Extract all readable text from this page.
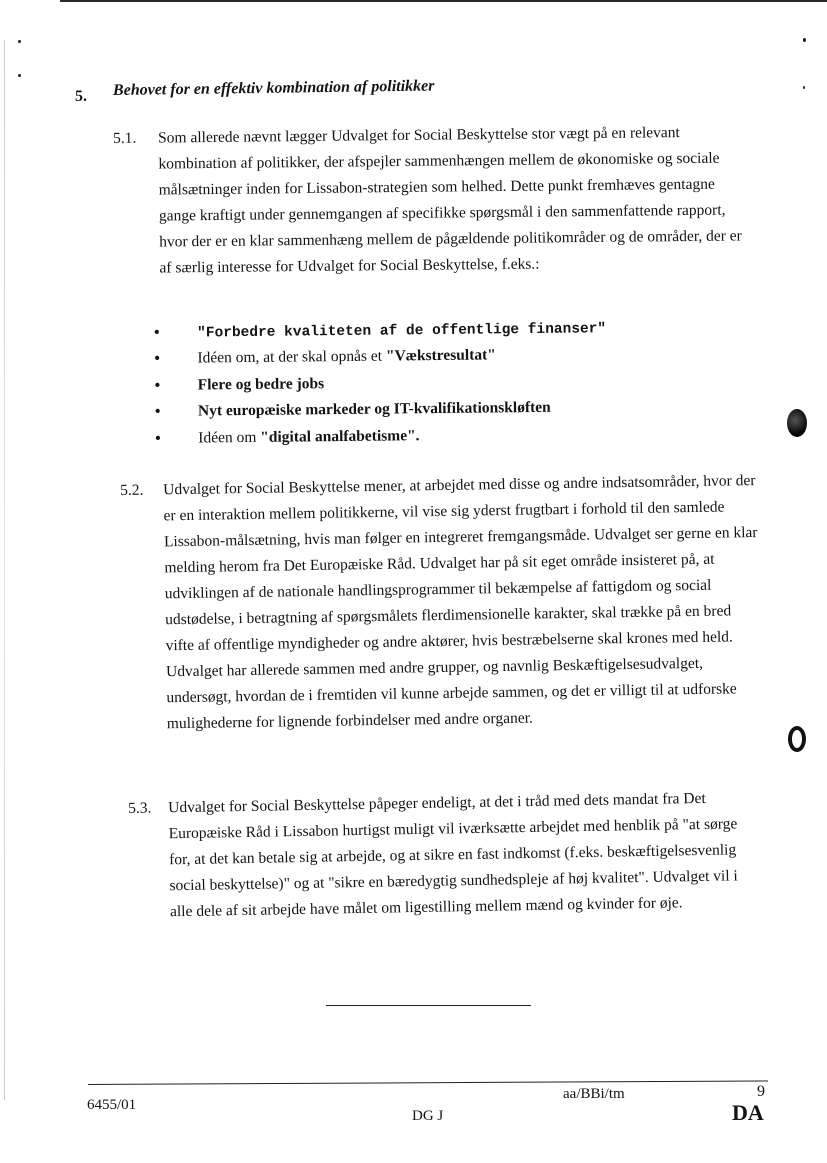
5. Behovet for en effektiv kombination af politikker
5.1. Som allerede nævnt lægger Udvalget for Social Beskyttelse stor vægt på en relevant kombination af politikker, der afspejler sammenhængen mellem de økonomiske og sociale målsætninger inden for Lissabon-strategien som helhed. Dette punkt fremhæves gentagne gange kraftigt under gennemgangen af specifikke spørgsmål i den sammenfattende rapport, hvor der er en klar sammenhæng mellem de pågældende politikområder og de områder, der er af særlig interesse for Udvalget for Social Beskyttelse, f.eks.:
•	"Forbedre kvaliteten af de offentlige finanser"
• Idéen om, at der skal opnås et "Vækstresultat"
• Flere og bedre jobs
• Nyt europæiske markeder og IT-kvalifikationskløften
• Idéen om "digital analfabetisme".
5.2. Udvalget for Social Beskyttelse mener, at arbejdet med disse og andre indsatsområder, hvor der er en interaktion mellem politikkerne, vil vise sig yderst frugtbart i forhold til den samlede Lissabon-målsætning, hvis man følger en integreret fremgangsmåde. Udvalget ser gerne en klar melding herom fra Det Europæiske Råd. Udvalget har på sit eget område insisteret på, at udviklingen af de nationale handlingsprogrammer til bekæmpelse af fattigdom og social udstødelse, i betragtning af spørgsmålets flerdimensionelle karakter, skal trække på en bred vifte af offentlige myndigheder og andre aktører, hvis bestræbelserne skal krones med held. Udvalget har allerede sammen med andre grupper, og navnlig Beskæftigelsesudvalget, undersøgt, hvordan de i fremtiden vil kunne arbejde sammen, og det er villigt til at udforske mulighederne for lignende forbindelser med andre organer.
5.3. Udvalget for Social Beskyttelse påpeger endeligt, at det i tråd med dets mandat fra Det Europæiske Råd i Lissabon hurtigst muligt vil iværksætte arbejdet med henblik på "at sørge for, at det kan betale sig at arbejde, og at sikre en fast indkomst (f.eks. beskæftigelsesvenlig social beskyttelse)" og at "sikre en bæredygtig sundhedspleje af høj kvalitet". Udvalget vil i alle dele af sit arbejde have målet om ligestilling mellem mænd og kvinder for øje.
6455/01
aa/BBi/tm	9
DG J	DA
